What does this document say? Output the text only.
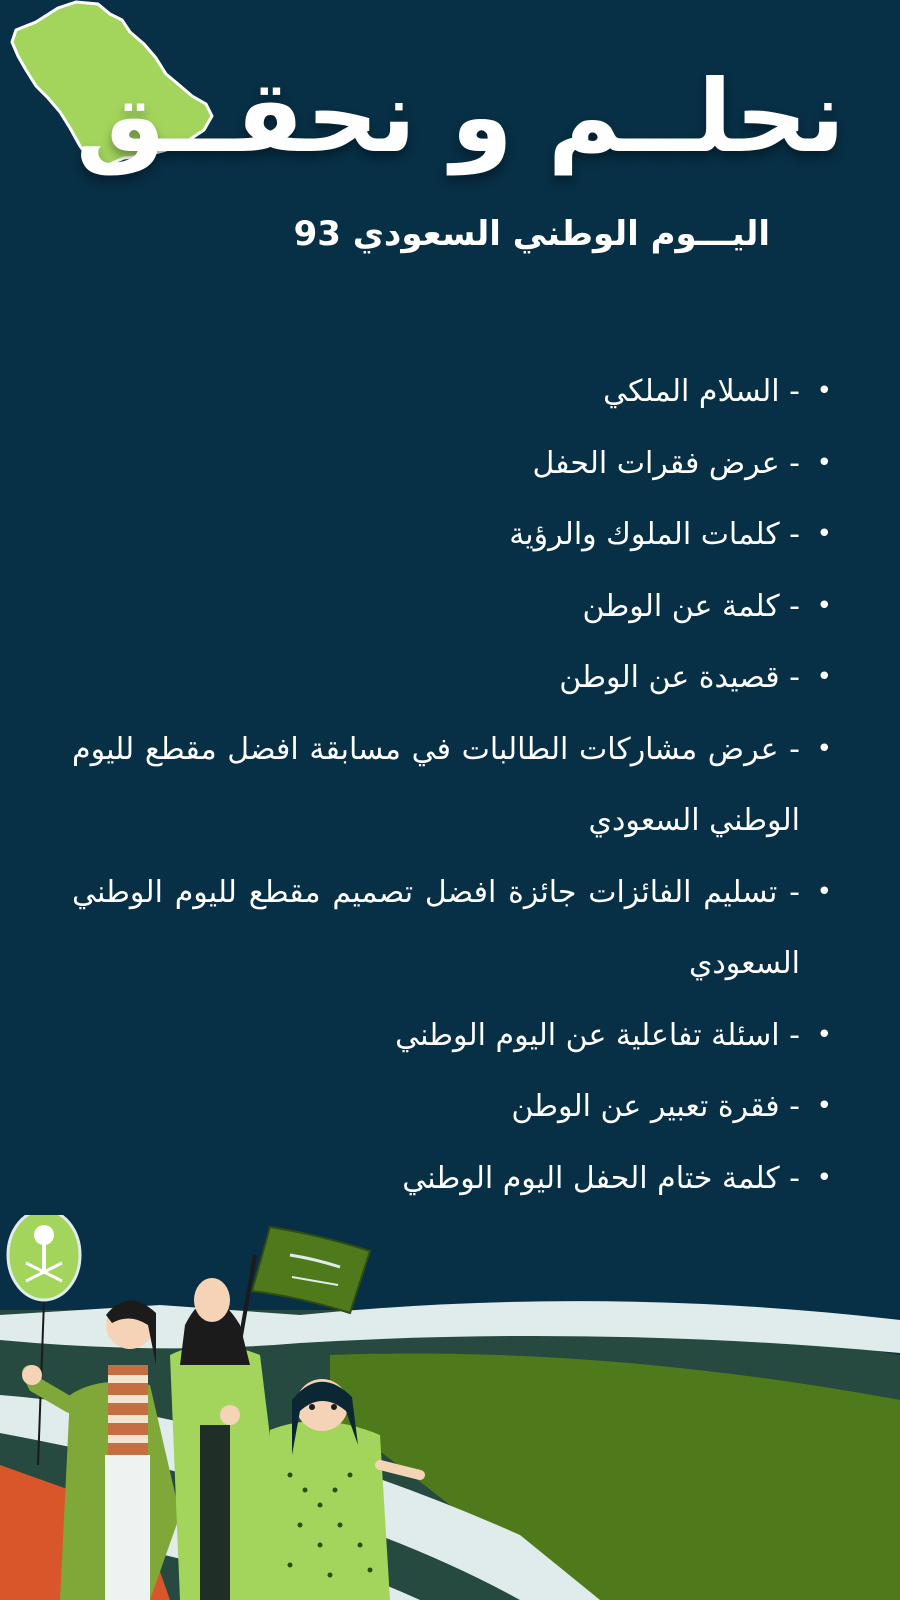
نحلــم و نحقــق
اليـــوم الوطني السعودي 93
•
- السلام الملكي
•
- عرض فقرات الحفل
•
- كلمات الملوك والرؤية
•
- كلمة عن الوطن
•
- قصيدة عن الوطن
•
- عرض مشاركات الطالبات في مسابقة افضل مقطع لليوم الوطني السعودي
•
- تسليم الفائزات جائزة افضل تصميم مقطع لليوم الوطني السعودي
•
- اسئلة تفاعلية عن اليوم الوطني
•
- فقرة تعبير عن الوطن
•
- كلمة ختام الحفل اليوم الوطني
